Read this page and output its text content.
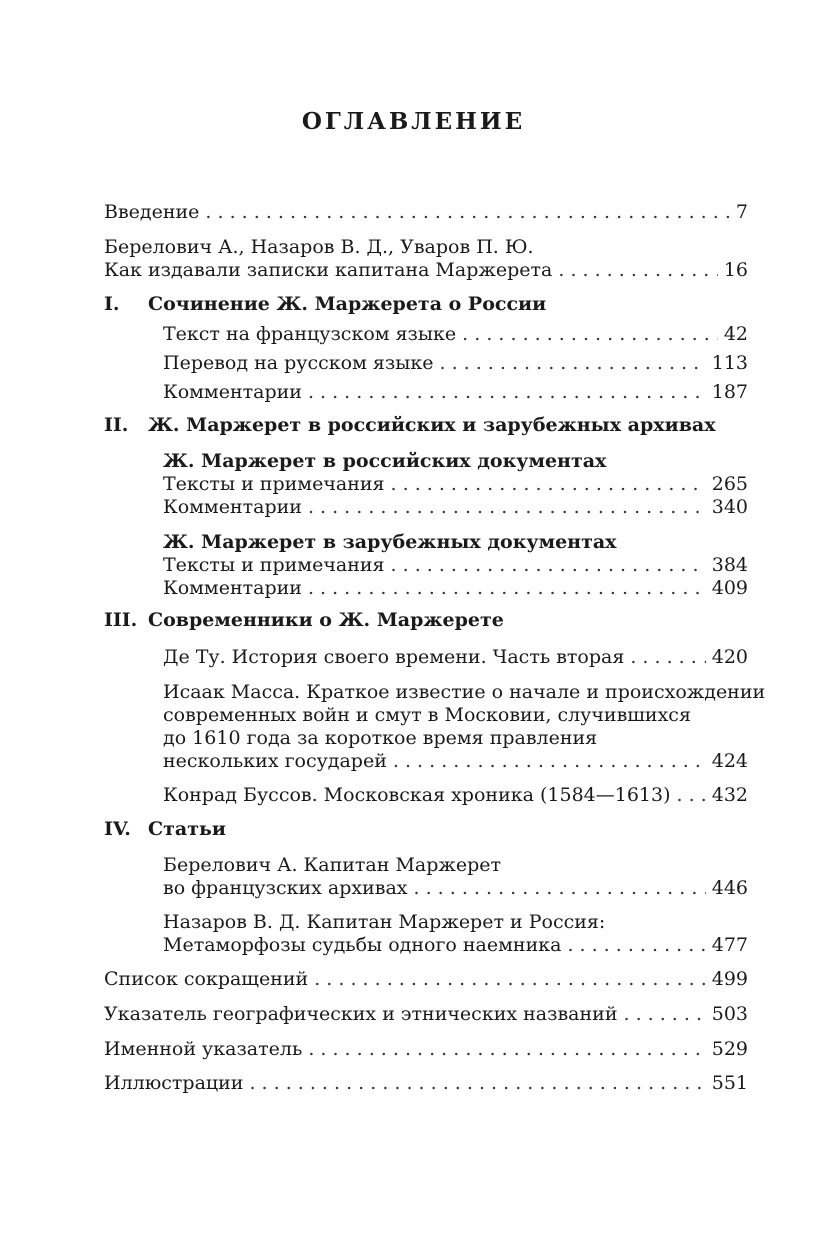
ОГЛАВЛЕНИЕ
Введение . . .	7
Берелович А., Назаров В. Д., Уваров П. Ю.
Как издавали записки капитана Маржерета . . .	16
I.	Сочинение Ж. Маржерета о России
Текст на французском языке . . .	42
Перевод на русском языке . . .	113
Комментарии . . .	187
II.	Ж. Маржерет в российских и зарубежных архивах
Ж. Маржерет в российских документах
Тексты и примечания . . .	265
Комментарии . . .	340
Ж. Маржерет в зарубежных документах
Тексты и примечания . . .	384
Комментарии . . .	409
III. Современники о Ж. Маржерете
Де Ту. История своего времени. Часть вторая . . .	420
Исаак Масса. Краткое известие о начале и происхождении
современных войн и смут в Московии, случившихся
до 1610 года за короткое время правления
нескольких государей . . .	424
Конрад Буссов. Московская хроника (1584—1613) . . . 432
IV. Статьи
Берелович А. Капитан Маржерет
во французских архивах . . .	446
Назаров В. Д. Капитан Маржерет и Россия:
Метаморфозы судьбы одного наемника . . .	477
Список сокращений . . .	499
Указатель географических и этнических названий . . .	503
Именной указатель . . .	529
Иллюстрации . . .	551
